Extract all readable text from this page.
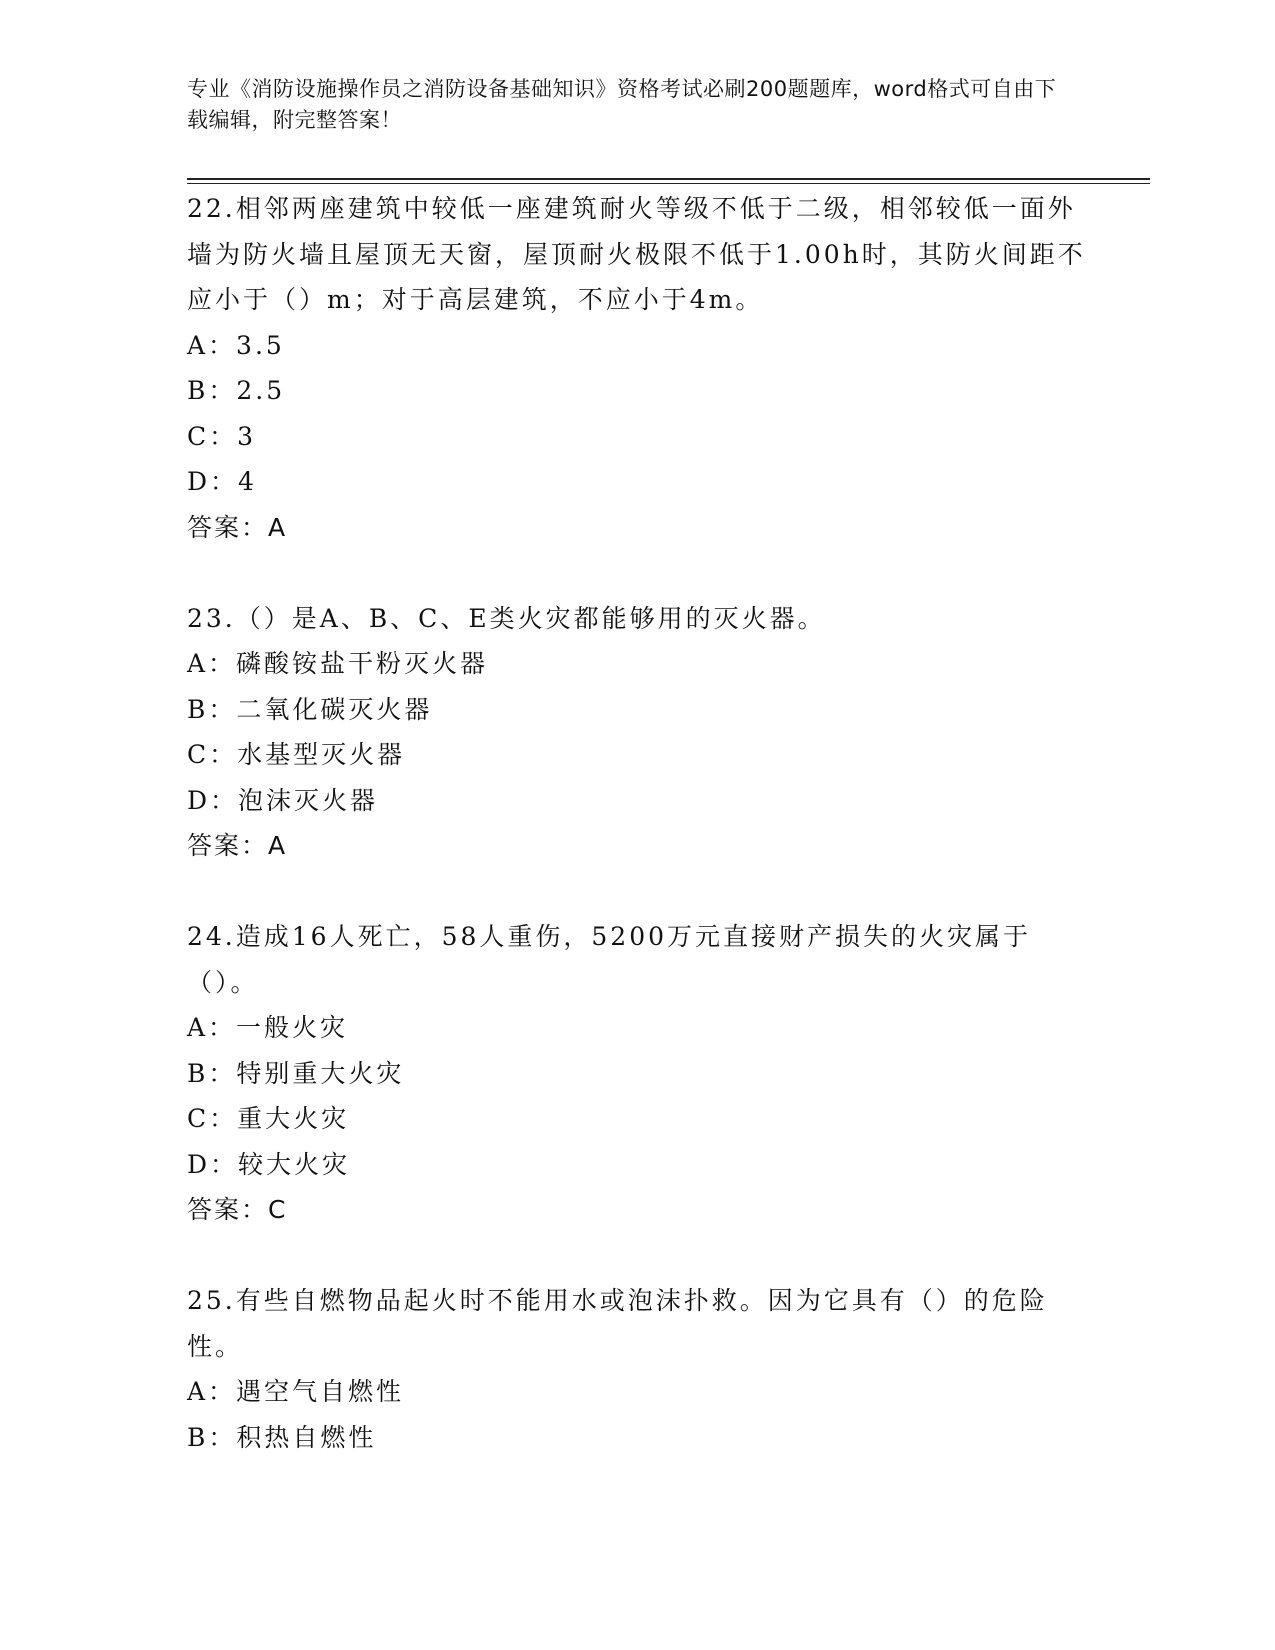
专业《消防设施操作员之消防设备基础知识》资格考试必刷200题题库，word格式可自由下载编辑，附完整答案！
22.相邻两座建筑中较低一座建筑耐火等级不低于二级，相邻较低一面外墙为防火墙且屋顶无天窗，屋顶耐火极限不低于1.00h时，其防火间距不应小于（）m；对于高层建筑，不应小于4m。
A：3.5
B：2.5
C：3
D：4
答案：A
23.（）是A、B、C、E类火灾都能够用的灭火器。
A：磷酸铵盐干粉灭火器
B：二氧化碳灭火器
C：水基型灭火器
D：泡沫灭火器
答案：A
24.造成16人死亡，58人重伤，5200万元直接财产损失的火灾属于（）。
A：一般火灾
B：特别重大火灾
C：重大火灾
D：较大火灾
答案：C
25.有些自燃物品起火时不能用水或泡沫扑救。因为它具有（）的危险性。
A：遇空气自燃性
B：积热自燃性
